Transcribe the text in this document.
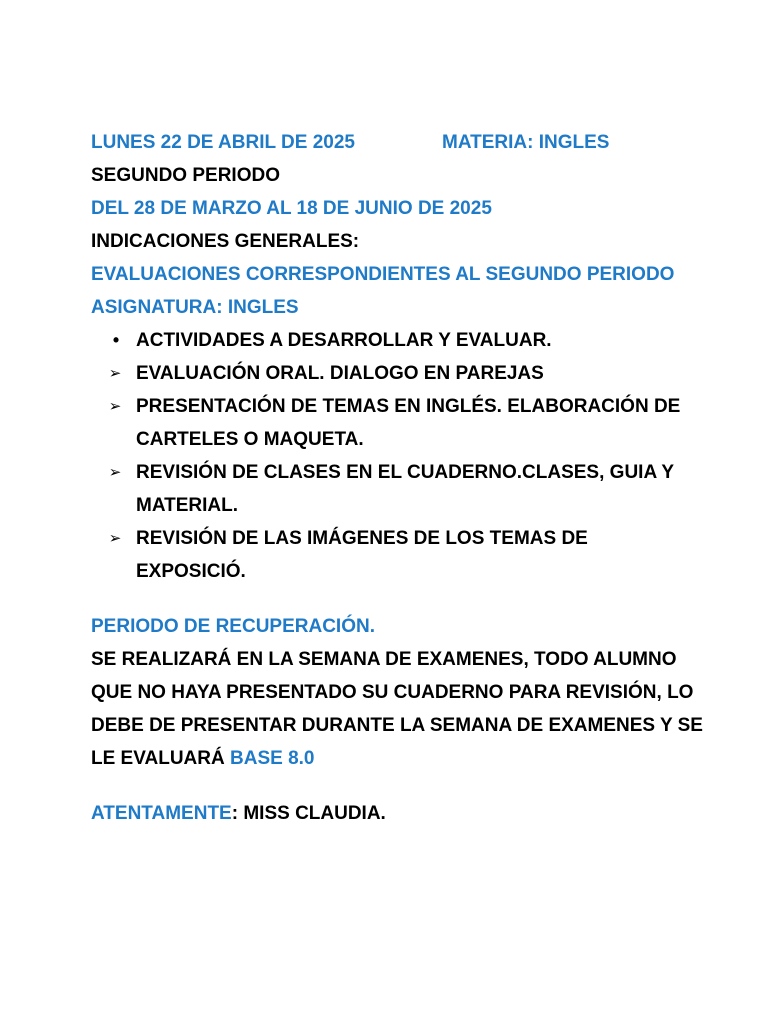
LUNES 22 DE ABRIL DE 2025	MATERIA: INGLES
SEGUNDO PERIODO
DEL 28 DE MARZO AL 18 DE JUNIO DE 2025
INDICACIONES GENERALES:
EVALUACIONES CORRESPONDIENTES AL SEGUNDO PERIODO
ASIGNATURA: INGLES
• ACTIVIDADES A DESARROLLAR Y EVALUAR.
➢ EVALUACIÓN ORAL. DIALOGO EN PAREJAS
➢ PRESENTACIÓN DE TEMAS EN INGLÉS. ELABORACIÓN DE
CARTELES O MAQUETA.
➢ REVISIÓN DE CLASES EN EL CUADERNO.CLASES, GUIA Y
MATERIAL.
➢ REVISIÓN DE LAS IMÁGENES DE LOS TEMAS DE
EXPOSICIÓ.
PERIODO DE RECUPERACIÓN.
SE REALIZARÁ EN LA SEMANA DE EXAMENES, TODO ALUMNO
QUE NO HAYA PRESENTADO SU CUADERNO PARA REVISIÓN, LO
DEBE DE PRESENTAR DURANTE LA SEMANA DE EXAMENES Y SE
LE EVALUARÁ BASE 8.0
ATENTAMENTE: MISS CLAUDIA.
